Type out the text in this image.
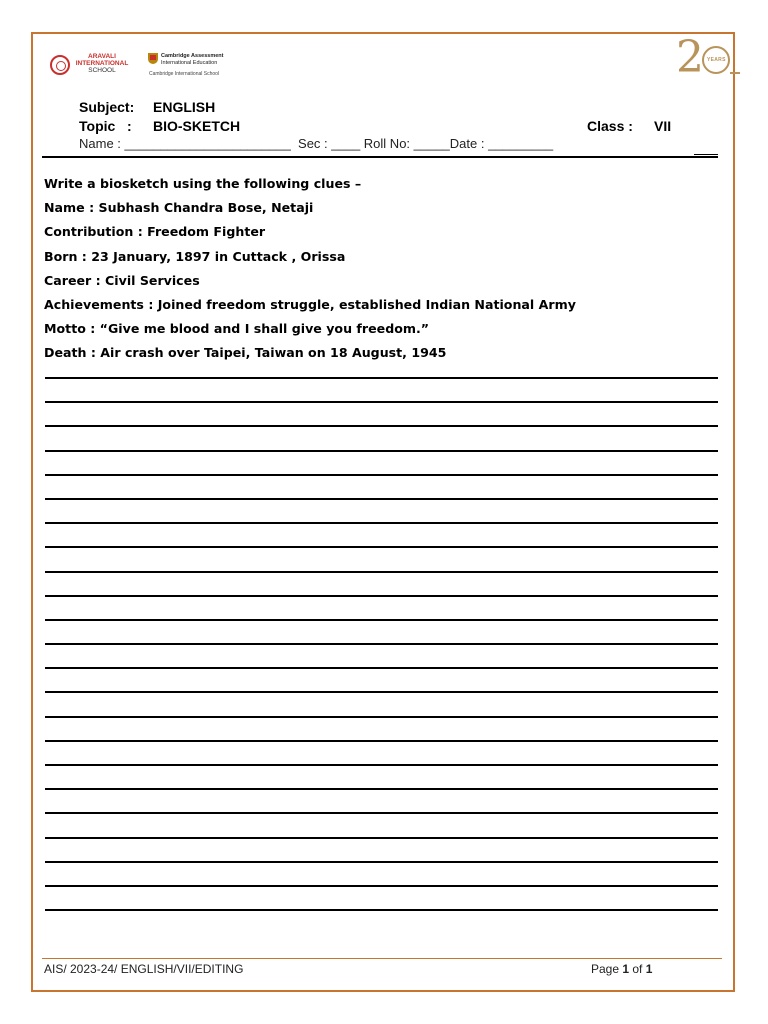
ARAVALI
INTERNATIONAL
SCHOOL
Cambridge Assessment
International Education
Cambridge International School	2 YEARS
Subject: ENGLISH
Topic   : BIO-SKETCH	Class : VII
Name : _______________________  Sec : ____ Roll No: _____Date : _________
Write a biosketch using the following clues –
Name : Subhash Chandra Bose, Netaji
Contribution : Freedom Fighter
Born : 23 January, 1897 in Cuttack , Orissa
Career : Civil Services
Achievements : Joined freedom struggle, established Indian National Army
Motto : “Give me blood and I shall give you freedom.”
Death : Air crash over Taipei, Taiwan on 18 August, 1945
AIS/ 2023-24/ ENGLISH/VII/EDITING	Page 1 of 1
